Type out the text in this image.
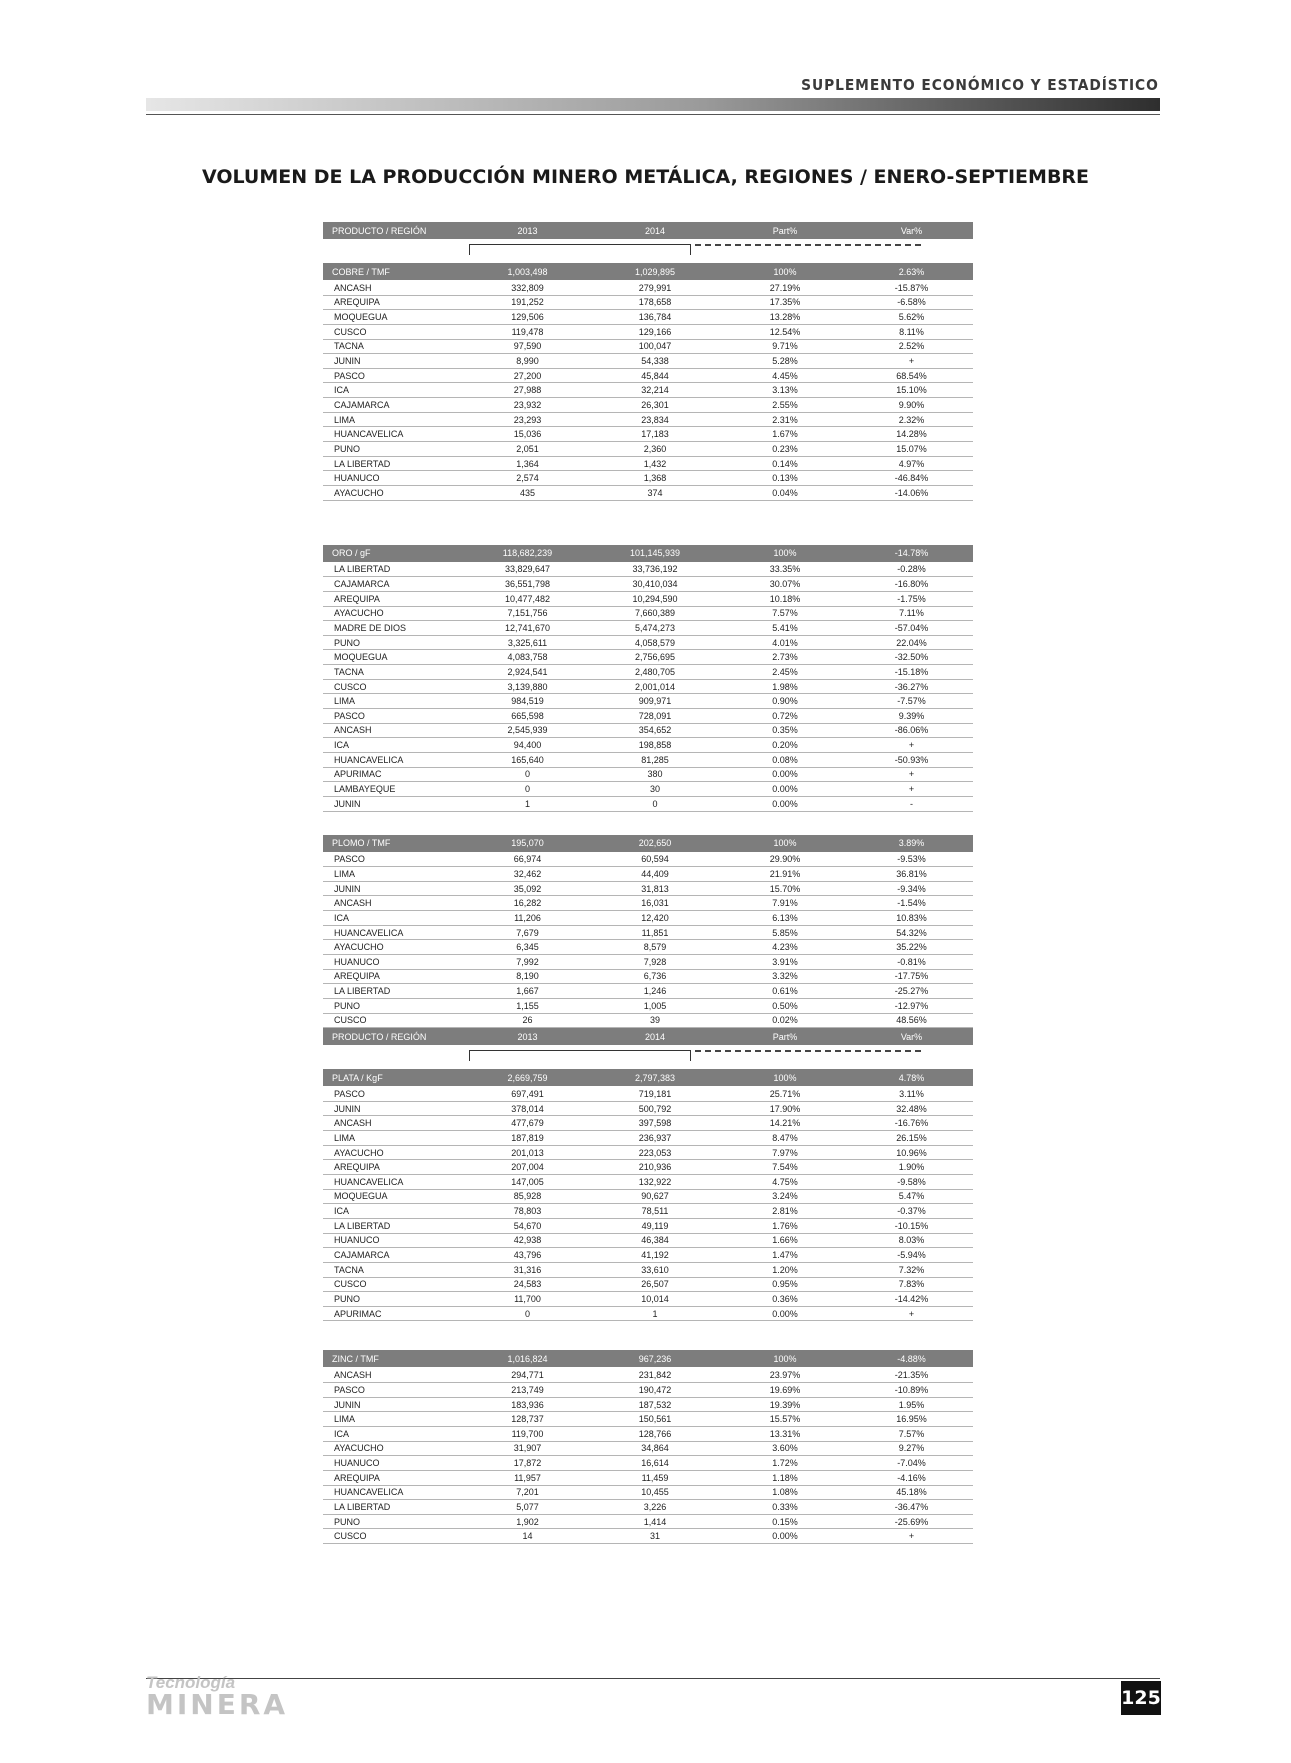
SUPLEMENTO ECONÓMICO Y ESTADÍSTICO
VOLUMEN DE LA PRODUCCIÓN MINERO METÁLICA, REGIONES / ENERO-SEPTIEMBRE
PRODUCTO / REGIÓN	2013	2014	Part%	Var%
COBRE / TMF	1,003,498	1,029,895	100%	2.63%
ANCASH	332,809	279,991	27.19%	-15.87%
AREQUIPA	191,252	178,658	17.35%	-6.58%
MOQUEGUA	129,506	136,784	13.28%	5.62%
CUSCO	119,478	129,166	12.54%	8.11%
TACNA	97,590	100,047	9.71%	2.52%
JUNIN	8,990	54,338	5.28%	+
PASCO	27,200	45,844	4.45%	68.54%
ICA	27,988	32,214	3.13%	15.10%
CAJAMARCA	23,932	26,301	2.55%	9.90%
LIMA	23,293	23,834	2.31%	2.32%
HUANCAVELICA	15,036	17,183	1.67%	14.28%
PUNO	2,051	2,360	0.23%	15.07%
LA LIBERTAD	1,364	1,432	0.14%	4.97%
HUANUCO	2,574	1,368	0.13%	-46.84%
AYACUCHO	435	374	0.04%	-14.06%
ORO / gF	118,682,239	101,145,939	100%	-14.78%
LA LIBERTAD	33,829,647	33,736,192	33.35%	-0.28%
CAJAMARCA	36,551,798	30,410,034	30.07%	-16.80%
AREQUIPA	10,477,482	10,294,590	10.18%	-1.75%
AYACUCHO	7,151,756	7,660,389	7.57%	7.11%
MADRE DE DIOS	12,741,670	5,474,273	5.41%	-57.04%
PUNO	3,325,611	4,058,579	4.01%	22.04%
MOQUEGUA	4,083,758	2,756,695	2.73%	-32.50%
TACNA	2,924,541	2,480,705	2.45%	-15.18%
CUSCO	3,139,880	2,001,014	1.98%	-36.27%
LIMA	984,519	909,971	0.90%	-7.57%
PASCO	665,598	728,091	0.72%	9.39%
ANCASH	2,545,939	354,652	0.35%	-86.06%
ICA	94,400	198,858	0.20%	+
HUANCAVELICA	165,640	81,285	0.08%	-50.93%
APURIMAC	0	380	0.00%	+
LAMBAYEQUE	0	30	0.00%	+
JUNIN	1	0	0.00%	-
PLOMO / TMF	195,070	202,650	100%	3.89%
PASCO	66,974	60,594	29.90%	-9.53%
LIMA	32,462	44,409	21.91%	36.81%
JUNIN	35,092	31,813	15.70%	-9.34%
ANCASH	16,282	16,031	7.91%	-1.54%
ICA	11,206	12,420	6.13%	10.83%
HUANCAVELICA	7,679	11,851	5.85%	54.32%
AYACUCHO	6,345	8,579	4.23%	35.22%
HUANUCO	7,992	7,928	3.91%	-0.81%
AREQUIPA	8,190	6,736	3.32%	-17.75%
LA LIBERTAD	1,667	1,246	0.61%	-25.27%
PUNO	1,155	1,005	0.50%	-12.97%
CUSCO	26	39	0.02%	48.56%
PRODUCTO / REGIÓN	2013	2014	Part%	Var%
PLATA / KgF	2,669,759	2,797,383	100%	4.78%
PASCO	697,491	719,181	25.71%	3.11%
JUNIN	378,014	500,792	17.90%	32.48%
ANCASH	477,679	397,598	14.21%	-16.76%
LIMA	187,819	236,937	8.47%	26.15%
AYACUCHO	201,013	223,053	7.97%	10.96%
AREQUIPA	207,004	210,936	7.54%	1.90%
HUANCAVELICA	147,005	132,922	4.75%	-9.58%
MOQUEGUA	85,928	90,627	3.24%	5.47%
ICA	78,803	78,511	2.81%	-0.37%
LA LIBERTAD	54,670	49,119	1.76%	-10.15%
HUANUCO	42,938	46,384	1.66%	8.03%
CAJAMARCA	43,796	41,192	1.47%	-5.94%
TACNA	31,316	33,610	1.20%	7.32%
CUSCO	24,583	26,507	0.95%	7.83%
PUNO	11,700	10,014	0.36%	-14.42%
APURIMAC	0	1	0.00%	+
ZINC / TMF	1,016,824	967,236	100%	-4.88%
ANCASH	294,771	231,842	23.97%	-21.35%
PASCO	213,749	190,472	19.69%	-10.89%
JUNIN	183,936	187,532	19.39%	1.95%
LIMA	128,737	150,561	15.57%	16.95%
ICA	119,700	128,766	13.31%	7.57%
AYACUCHO	31,907	34,864	3.60%	9.27%
HUANUCO	17,872	16,614	1.72%	-7.04%
AREQUIPA	11,957	11,459	1.18%	-4.16%
HUANCAVELICA	7,201	10,455	1.08%	45.18%
LA LIBERTAD	5,077	3,226	0.33%	-36.47%
PUNO	1,902	1,414	0.15%	-25.69%
CUSCO	14	31	0.00%	+
Tecnología
MINERA	125
